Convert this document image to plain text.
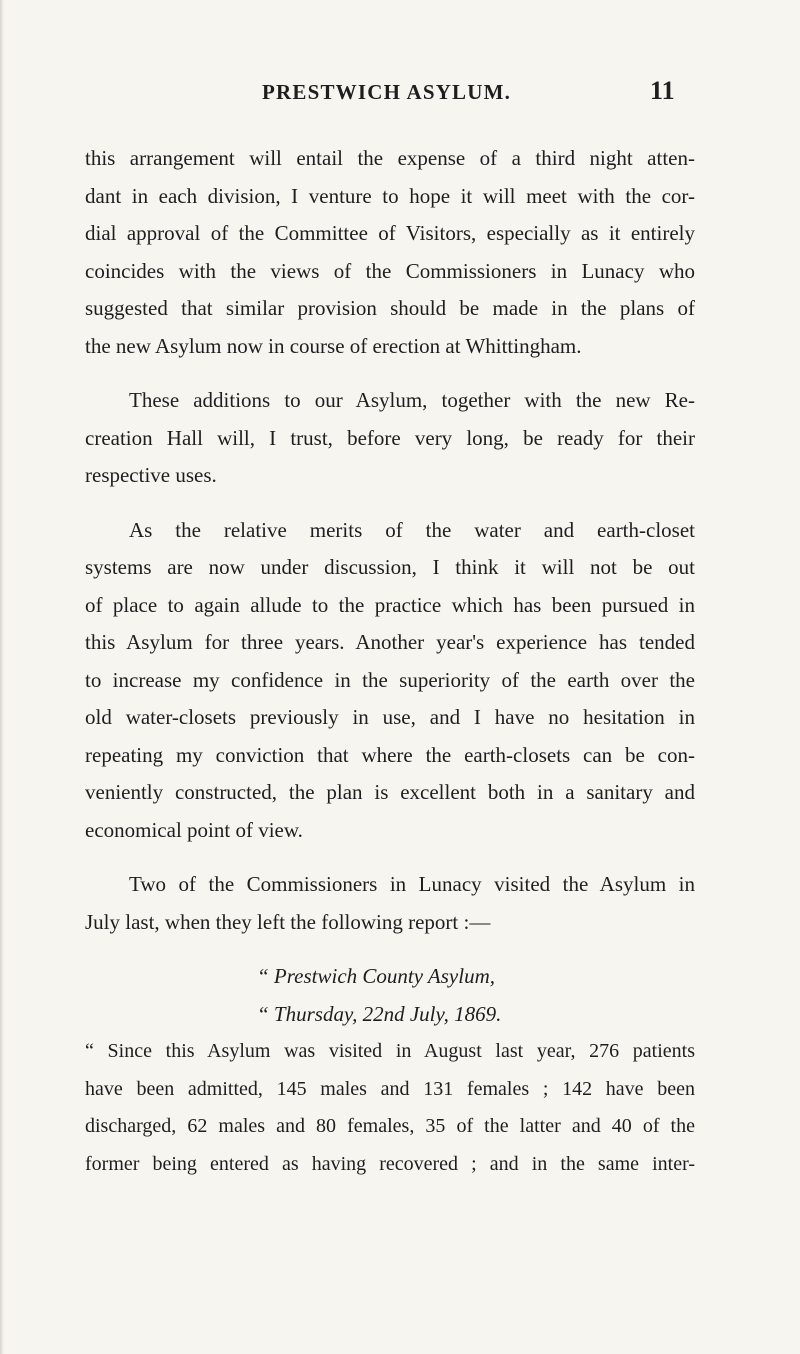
PRESTWICH ASYLUM.	11
this arrangement will entail the expense of a third night atten-
dant in each division, I venture to hope it will meet with the cor-
dial approval of the Committee of Visitors, especially as it entirely
coincides with the views of the Commissioners in Lunacy who
suggested that similar provision should be made in the plans of
the new Asylum now in course of erection at Whittingham.
These additions to our Asylum, together with the new Re-
creation Hall will, I trust, before very long, be ready for their
respective uses.
As the relative merits of the water and earth-closet
systems are now under discussion, I think it will not be out
of place to again allude to the practice which has been pursued in
this Asylum for three years. Another year's experience has tended
to increase my confidence in the superiority of the earth over the
old water-closets previously in use, and I have no hesitation in
repeating my conviction that where the earth-closets can be con-
veniently constructed, the plan is excellent both in a sanitary and
economical point of view.
Two of the Commissioners in Lunacy visited the Asylum in
July last, when they left the following report :—
“ Prestwich County Asylum,
“ Thursday, 22nd July, 1869.
“ Since this Asylum was visited in August last year, 276 patients
have been admitted, 145 males and 131 females ; 142 have been
discharged, 62 males and 80 females, 35 of the latter and 40 of the
former being entered as having recovered ; and in the same inter-
